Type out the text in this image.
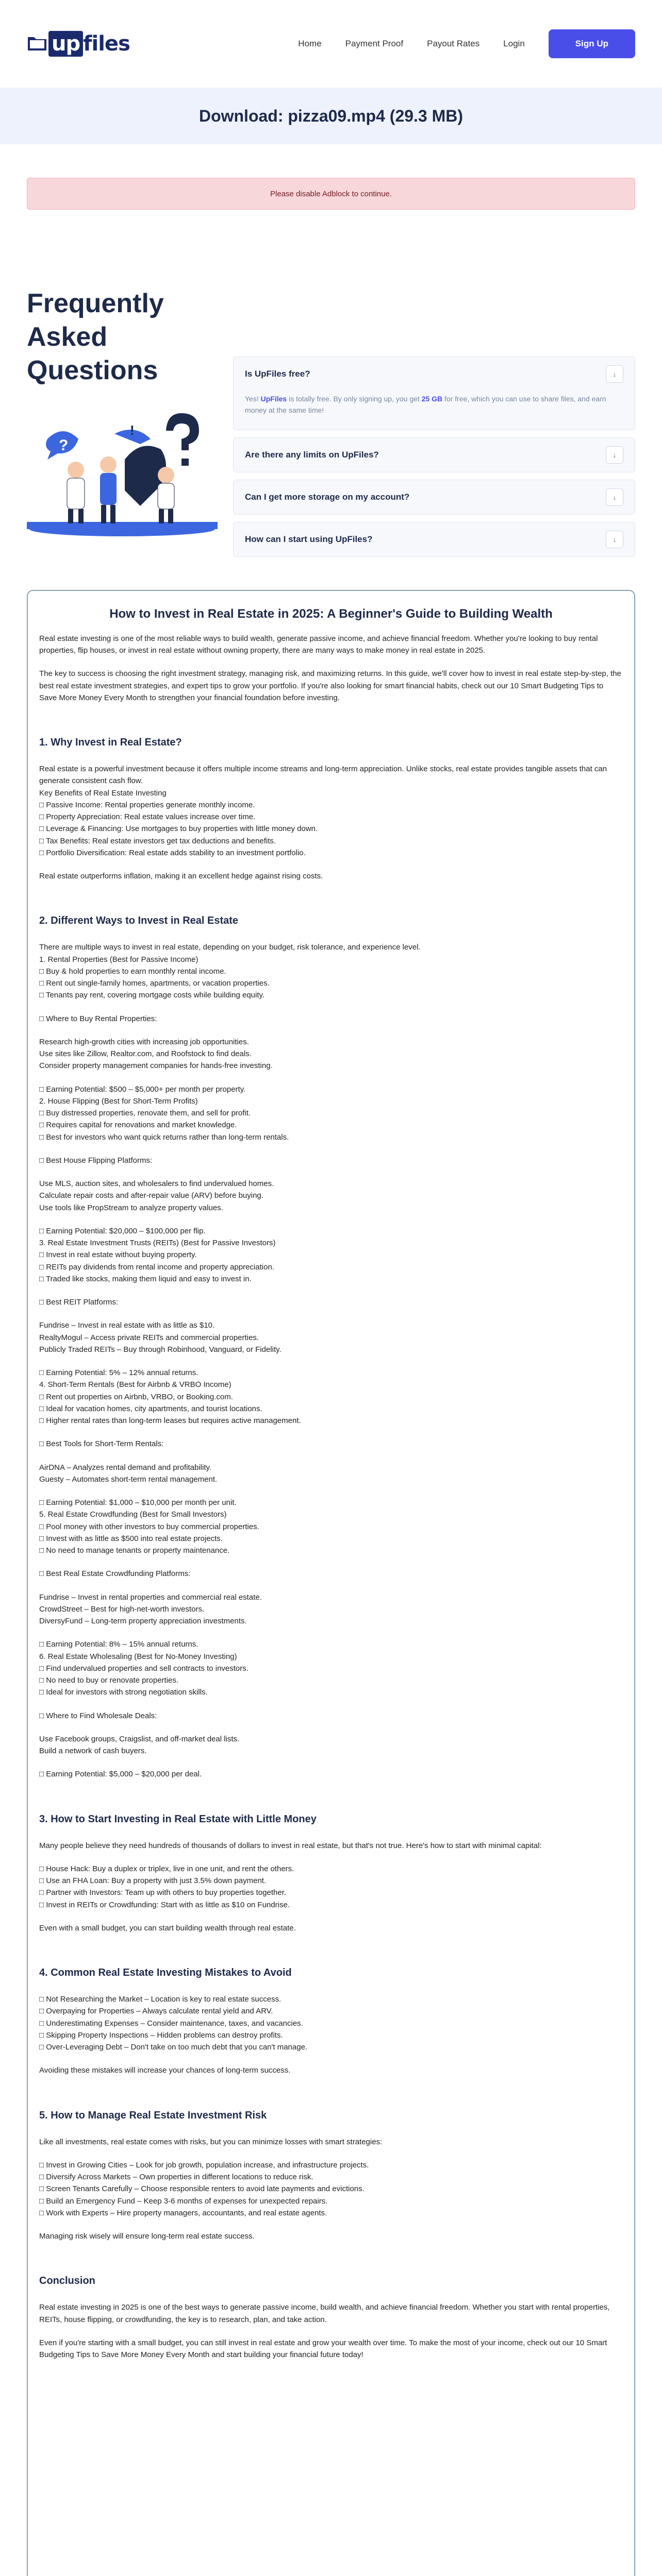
up files	Home	Payment Proof	Payout Rates	Login	Sign Up
Download: pizza09.mp4 (29.3 MB)
Please disable Adblock to continue.
Frequently Asked Questions
?
!
Is UpFiles free?	↓
Yes! UpFiles is totally free. By only signing up, you get 25 GB for free, which you can use to share files, and earn money at the same time!
Are there any limits on UpFiles?	↓
Can I get more storage on my account?	↓
How can I start using UpFiles?	↓
How to Invest in Real Estate in 2025: A Beginner's Guide to Building Wealth

Real estate investing is one of the most reliable ways to build wealth, generate passive income, and achieve financial freedom. Whether you're looking to buy rental properties, flip houses, or invest in real estate without owning property, there are many ways to make money in real estate in 2025.

The key to success is choosing the right investment strategy, managing risk, and maximizing returns. In this guide, we'll cover how to invest in real estate step-by-step, the best real estate investment strategies, and expert tips to grow your portfolio. If you're also looking for smart financial habits, check out our 10 Smart Budgeting Tips to Save More Money Every Month to strengthen your financial foundation before investing.

1. Why Invest in Real Estate?
Real estate is a powerful investment because it offers multiple income streams and long-term appreciation. Unlike stocks, real estate provides tangible assets that can generate consistent cash flow.
Key Benefits of Real Estate Investing
□ Passive Income: Rental properties generate monthly income.
□ Property Appreciation: Real estate values increase over time.
□ Leverage & Financing: Use mortgages to buy properties with little money down.
□ Tax Benefits: Real estate investors get tax deductions and benefits.
□ Portfolio Diversification: Real estate adds stability to an investment portfolio.

Real estate outperforms inflation, making it an excellent hedge against rising costs.

2. Different Ways to Invest in Real Estate
There are multiple ways to invest in real estate, depending on your budget, risk tolerance, and experience level.
1. Rental Properties (Best for Passive Income)
□ Buy & hold properties to earn monthly rental income.
□ Rent out single-family homes, apartments, or vacation properties.
□ Tenants pay rent, covering mortgage costs while building equity.
□ Where to Buy Rental Properties:
Research high-growth cities with increasing job opportunities.
Use sites like Zillow, Realtor.com, and Roofstock to find deals.
Consider property management companies for hands-free investing.
□ Earning Potential: $500 – $5,000+ per month per property.
2. House Flipping (Best for Short-Term Profits)
□ Buy distressed properties, renovate them, and sell for profit.
□ Requires capital for renovations and market knowledge.
□ Best for investors who want quick returns rather than long-term rentals.
□ Best House Flipping Platforms:
Use MLS, auction sites, and wholesalers to find undervalued homes.
Calculate repair costs and after-repair value (ARV) before buying.
Use tools like PropStream to analyze property values.
□ Earning Potential: $20,000 – $100,000 per flip.
3. Real Estate Investment Trusts (REITs) (Best for Passive Investors)
□ Invest in real estate without buying property.
□ REITs pay dividends from rental income and property appreciation.
□ Traded like stocks, making them liquid and easy to invest in.
□ Best REIT Platforms:
Fundrise – Invest in real estate with as little as $10.
RealtyMogul – Access private REITs and commercial properties.
Publicly Traded REITs – Buy through Robinhood, Vanguard, or Fidelity.
□ Earning Potential: 5% – 12% annual returns.
4. Short-Term Rentals (Best for Airbnb & VRBO Income)
□ Rent out properties on Airbnb, VRBO, or Booking.com.
□ Ideal for vacation homes, city apartments, and tourist locations.
□ Higher rental rates than long-term leases but requires active management.
□ Best Tools for Short-Term Rentals:
AirDNA – Analyzes rental demand and profitability.
Guesty – Automates short-term rental management.
□ Earning Potential: $1,000 – $10,000 per month per unit.
5. Real Estate Crowdfunding (Best for Small Investors)
□ Pool money with other investors to buy commercial properties.
□ Invest with as little as $500 into real estate projects.
□ No need to manage tenants or property maintenance.
□ Best Real Estate Crowdfunding Platforms:
Fundrise – Invest in rental properties and commercial real estate.
CrowdStreet – Best for high-net-worth investors.
DiversyFund – Long-term property appreciation investments.
□ Earning Potential: 8% – 15% annual returns.
6. Real Estate Wholesaling (Best for No-Money Investing)
□ Find undervalued properties and sell contracts to investors.
□ No need to buy or renovate properties.
□ Ideal for investors with strong negotiation skills.
□ Where to Find Wholesale Deals:
Use Facebook groups, Craigslist, and off-market deal lists.
Build a network of cash buyers.
□ Earning Potential: $5,000 – $20,000 per deal.
3. How to Start Investing in Real Estate with Little Money

Many people believe they need hundreds of thousands of dollars to invest in real estate, but that's not true. Here's how to start with minimal capital:

□ House Hack: Buy a duplex or triplex, live in one unit, and rent the others.
□ Use an FHA Loan: Buy a property with just 3.5% down payment.
□ Partner with Investors: Team up with others to buy properties together.
□ Invest in REITs or Crowdfunding: Start with as little as $10 on Fundrise.

Even with a small budget, you can start building wealth through real estate.

4. Common Real Estate Investing Mistakes to Avoid
□ Not Researching the Market – Location is key to real estate success.
□ Overpaying for Properties – Always calculate rental yield and ARV.
□ Underestimating Expenses – Consider maintenance, taxes, and vacancies.
□ Skipping Property Inspections – Hidden problems can destroy profits.
□ Over-Leveraging Debt – Don't take on too much debt that you can't manage.

Avoiding these mistakes will increase your chances of long-term success.

5. How to Manage Real Estate Investment Risk

Like all investments, real estate comes with risks, but you can minimize losses with smart strategies:

□ Invest in Growing Cities – Look for job growth, population increase, and infrastructure projects.
□ Diversify Across Markets – Own properties in different locations to reduce risk.
□ Screen Tenants Carefully – Choose responsible renters to avoid late payments and evictions.
□ Build an Emergency Fund – Keep 3-6 months of expenses for unexpected repairs.
□ Work with Experts – Hire property managers, accountants, and real estate agents.

Managing risk wisely will ensure long-term real estate success.

Conclusion

Real estate investing in 2025 is one of the best ways to generate passive income, build wealth, and achieve financial freedom. Whether you start with rental properties, REITs, house flipping, or crowdfunding, the key is to research, plan, and take action.

Even if you're starting with a small budget, you can still invest in real estate and grow your wealth over time. To make the most of your income, check out our 10 Smart Budgeting Tips to Save More Money Every Month and start building your financial future today!
